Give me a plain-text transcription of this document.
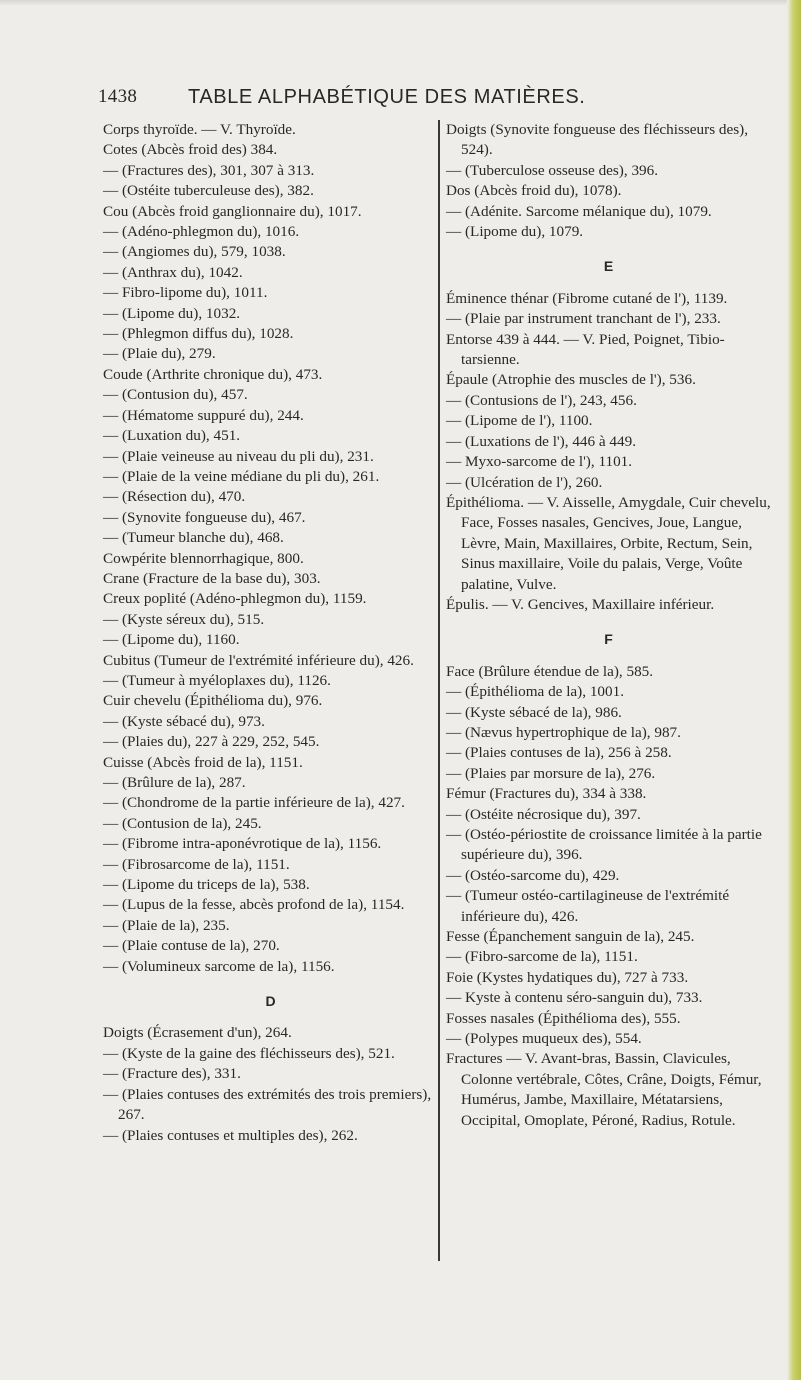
1438	TABLE ALPHABÉTIQUE DES MATIÈRES.
Corps thyroïde. — V. Thyroïde.
Cotes (Abcès froid des) 384.
— (Fractures des), 301, 307 à 313.
— (Ostéite tuberculeuse des), 382.
Cou (Abcès froid ganglionnaire du), 1017.
— (Adéno-phlegmon du), 1016.
— (Angiomes du), 579, 1038.
— (Anthrax du), 1042.
— Fibro-lipome du), 1011.
— (Lipome du), 1032.
— (Phlegmon diffus du), 1028.
— (Plaie du), 279.
Coude (Arthrite chronique du), 473.
— (Contusion du), 457.
— (Hématome suppuré du), 244.
— (Luxation du), 451.
— (Plaie veineuse au niveau du pli du), 231.
— (Plaie de la veine médiane du pli du), 261.
— (Résection du), 470.
— (Synovite fongueuse du), 467.
— (Tumeur blanche du), 468.
Cowpérite blennorrhagique, 800.
Crane (Fracture de la base du), 303.
Creux poplité (Adéno-phlegmon du), 1159.
— (Kyste séreux du), 515.
— (Lipome du), 1160.
Cubitus (Tumeur de l'extrémité inférieure du), 426.
— (Tumeur à myéloplaxes du), 1126.
Cuir chevelu (Épithélioma du), 976.
— (Kyste sébacé du), 973.
— (Plaies du), 227 à 229, 252, 545.
Cuisse (Abcès froid de la), 1151.
— (Brûlure de la), 287.
— (Chondrome de la partie inférieure de la), 427.
— (Contusion de la), 245.
— (Fibrome intra-aponévrotique de la), 1156.
— (Fibrosarcome de la), 1151.
— (Lipome du triceps de la), 538.
— (Lupus de la fesse, abcès profond de la), 1154.
— (Plaie de la), 235.
— (Plaie contuse de la), 270.
— (Volumineux sarcome de la), 1156.
D
Doigts (Écrasement d'un), 264.
— (Kyste de la gaine des fléchisseurs des), 521.
— (Fracture des), 331.
— (Plaies contuses des extrémités des trois premiers), 267.
— (Plaies contuses et multiples des), 262.
Doigts (Synovite fongueuse des fléchisseurs des), 524).
— (Tuberculose osseuse des), 396.
Dos (Abcès froid du), 1078).
— (Adénite. Sarcome mélanique du), 1079.
— (Lipome du), 1079.
E
Éminence thénar (Fibrome cutané de l'), 1139.
— (Plaie par instrument tranchant de l'), 233.
Entorse 439 à 444. — V. Pied, Poignet, Tibio-tarsienne.
Épaule (Atrophie des muscles de l'), 536.
— (Contusions de l'), 243, 456.
— (Lipome de l'), 1100.
— (Luxations de l'), 446 à 449.
— Myxo-sarcome de l'), 1101.
— (Ulcération de l'), 260.
Épithélioma. — V. Aisselle, Amygdale, Cuir chevelu, Face, Fosses nasales, Gencives, Joue, Langue, Lèvre, Main, Maxillaires, Orbite, Rectum, Sein, Sinus maxillaire, Voile du palais, Verge, Voûte palatine, Vulve.
Épulis. — V. Gencives, Maxillaire inférieur.
F
Face (Brûlure étendue de la), 585.
— (Épithélioma de la), 1001.
— (Kyste sébacé de la), 986.
— (Nævus hypertrophique de la), 987.
— (Plaies contuses de la), 256 à 258.
— (Plaies par morsure de la), 276.
Fémur (Fractures du), 334 à 338.
— (Ostéite nécrosique du), 397.
— (Ostéo-périostite de croissance limitée à la partie supérieure du), 396.
— (Ostéo-sarcome du), 429.
— (Tumeur ostéo-cartilagineuse de l'extrémité inférieure du), 426.
Fesse (Épanchement sanguin de la), 245.
— (Fibro-sarcome de la), 1151.
Foie (Kystes hydatiques du), 727 à 733.
— Kyste à contenu séro-sanguin du), 733.
Fosses nasales (Épithélioma des), 555.
— (Polypes muqueux des), 554.
Fractures — V. Avant-bras, Bassin, Clavicules, Colonne vertébrale, Côtes, Crâne, Doigts, Fémur, Humérus, Jambe, Maxillaire, Métatarsiens, Occipital, Omoplate, Péroné, Radius, Rotule.
